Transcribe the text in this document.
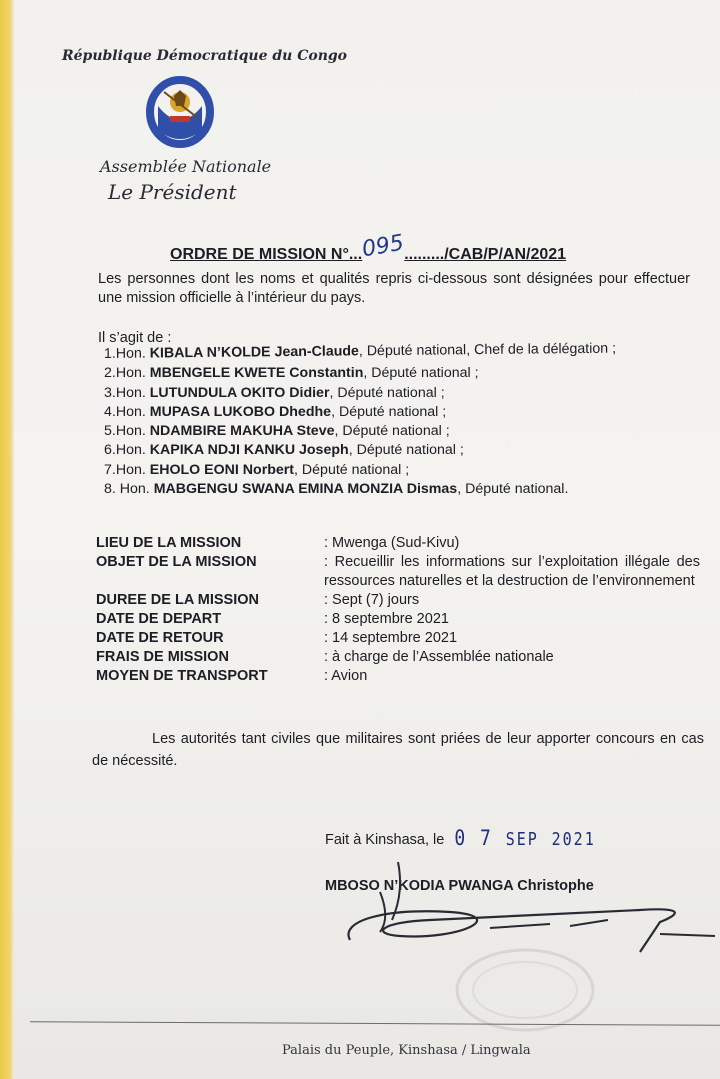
République Démocratique du Congo
Assemblée Nationale
Le Président
ORDRE DE MISSION N°...095........./CAB/P/AN/2021
Les personnes dont les noms et qualités repris ci-dessous sont désignées pour effectuer une mission officielle à l’intérieur du pays.
Il s’agit de :
1.Hon. KIBALA N’KOLDE Jean-Claude, Député national, Chef de la délégation ;
2.Hon. MBENGELE KWETE Constantin, Député national ;
3.Hon. LUTUNDULA OKITO Didier, Député national ;
4.Hon. MUPASA LUKOBO Dhedhe, Député national ;
5.Hon. NDAMBIRE MAKUHA Steve, Député national ;
6.Hon. KAPIKA NDJI KANKU Joseph, Député national ;
7.Hon. EHOLO EONI Norbert, Député national ;
8. Hon. MABGENGU SWANA EMINA MONZIA Dismas, Député national.
LIEU DE LA MISSION	: Mwenga (Sud-Kivu)
OBJET DE LA MISSION	: Recueillir les informations sur l’exploitation illégale des ressources naturelles et la destruction de l’environnement
DUREE DE LA MISSION	: Sept (7) jours
DATE DE DEPART	: 8 septembre 2021
DATE DE RETOUR	: 14 septembre 2021
FRAIS DE MISSION	: à charge de l’Assemblée nationale
MOYEN DE TRANSPORT	: Avion
Les autorités tant civiles que militaires sont priées de leur apporter concours en cas de nécessité.
Fait à Kinshasa, le 0 7 SEP 2021
MBOSO N’KODIA PWANGA Christophe
Palais du Peuple, Kinshasa / Lingwala
